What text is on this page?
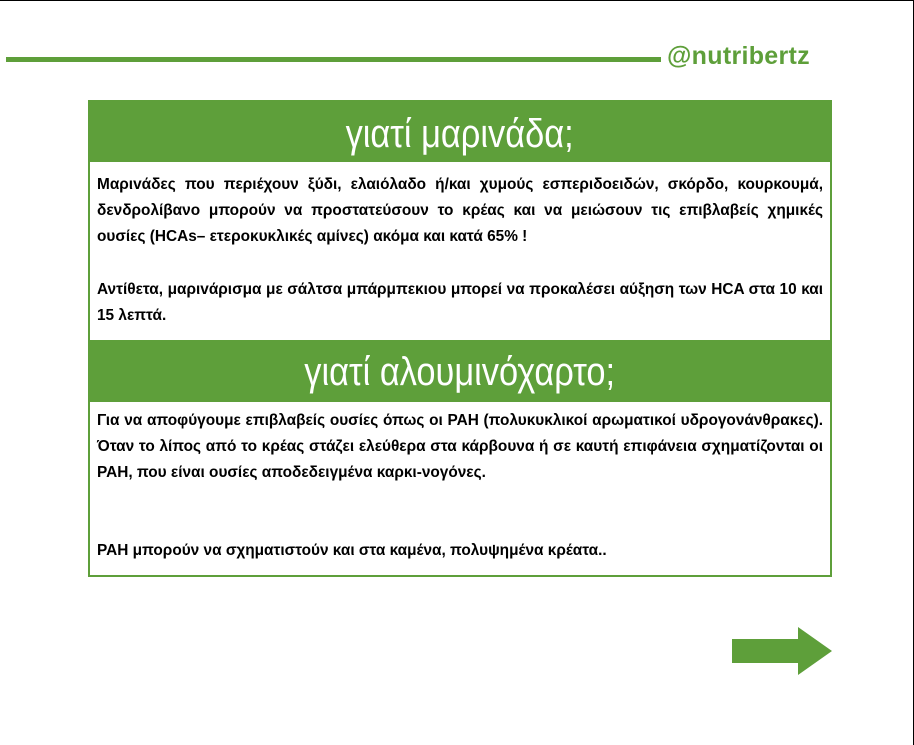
@nutribertz
γιατί μαριvάδα;
Μαριvάδες που περιέχουν ξύδι, ελαιόλαδο ή/και χυμούς εσπεριδοειδών, σκόρδο, κουρκουμά, δενδρολίβανο μπορούν να προστατεύσουν το κρέας και να μειώσουν τις επιβλαβείς χημικές ουσίες (HCAs– ετεροκυκλικές αμίνες) ακόμα και κατά 65% !
Αντίθετα, μαριvάρισμα με σάλτσα μπάρμπεκιου μπορεί να προκαλέσει αύξηση των HCA στα 10 και 15 λεπτά.
γιατί αλουμιvόχαρτο;
Για να αποφύγουμε επιβλαβείς ουσίες όπως οι PAH (πολυκυκλικοί αρωματικοί υδρογονάνθρακες). Όταν το λίπος από το κρέας στάζει ελεύθερα στα κάρβουνα ή σε καυτή επιφάνεια σχηματίζονται οι PAH, που είναι ουσίες αποδεδειγμένα καρκι-νογόνες.
PAH μπορούν να σχηματιστούν και στα καμένα, πολυψημένα κρέατα..
